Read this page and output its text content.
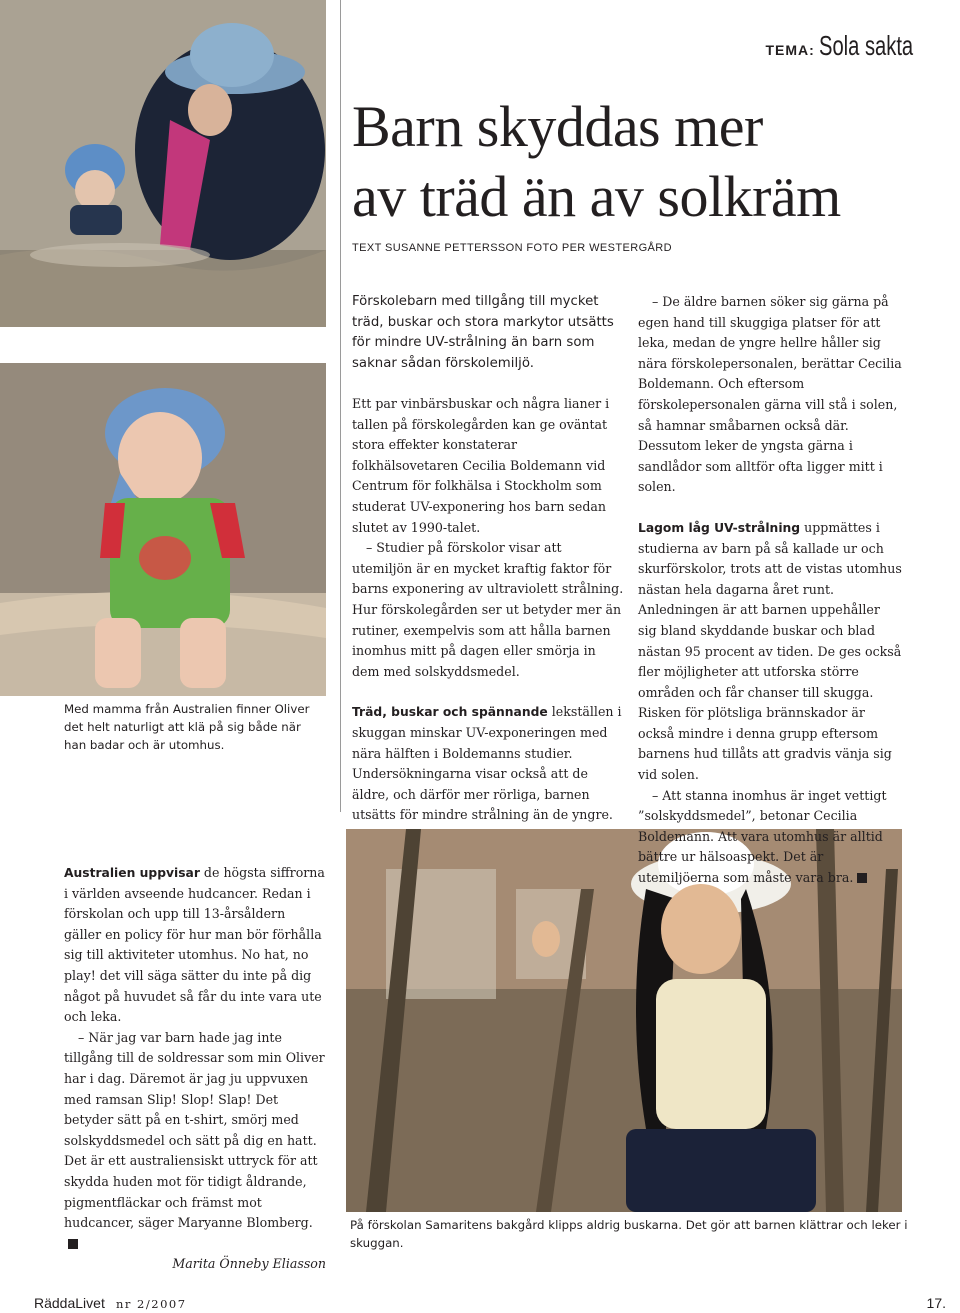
TEMA: Sola sakta
Barn skyddas mer
av träd än av solkräm
TEXT SUSANNE PETTERSSON FOTO PER WESTERGÅRD
Förskolebarn med tillgång till mycket träd, buskar och stora markytor utsätts för mindre UV-strålning än barn som saknar sådan förskolemiljö.

Ett par vinbärsbuskar och några lianer i tallen på förskolegården kan ge oväntat stora effekter konstaterar folkhälsovetaren Cecilia Boldemann vid Centrum för folkhälsa i Stockholm som studerat UV-exponering hos barn sedan slutet av 1990-talet.

– Studier på förskolor visar att utemiljön är en mycket kraftig faktor för barns exponering av ultraviolett strålning. Hur förskolegården ser ut betyder mer än rutiner, exempelvis som att hålla barnen inomhus mitt på dagen eller smörja in dem med solskyddsmedel.

Träd, buskar och spännande lekställen i skuggan minskar UV-exponeringen med nära hälften i Boldemanns studier. Undersökningarna visar också att de äldre, och därför mer rörliga, barnen utsätts för mindre strålning än de yngre.

– De äldre barnen söker sig gärna på egen hand till skuggiga platser för att leka, medan de yngre hellre håller sig nära förskolepersonalen, berättar Cecilia Boldemann. Och eftersom förskolepersonalen gärna vill stå i solen, så hamnar småbarnen också där. Dessutom leker de yngsta gärna i sandlådor som alltför ofta ligger mitt i solen.

Lagom låg UV-strålning uppmättes i studierna av barn på så kallade ur och skurförskolor, trots att de vistas utomhus nästan hela dagarna året runt. Anledningen är att barnen uppehåller sig bland skyddande buskar och blad nästan 95 procent av tiden. De ges också fler möjligheter att utforska större områden och får chanser till skugga. Risken för plötsliga brännskador är också mindre i denna grupp eftersom barnens hud tillåts att gradvis vänja sig vid solen.

– Att stanna inomhus är inget vettigt ”solskyddsmedel”, betonar Cecilia Boldemann. Att vara utomhus är alltid bättre ur hälsoaspekt. Det är utemiljöerna som måste vara bra.

Med mamma från Australien finner Oliver det helt naturligt att klä på sig både när han badar och är utomhus.
På förskolan Samaritens bakgård klipps aldrig buskarna. Det gör att barnen klättrar och leker i skuggan.

Australien uppvisar de högsta siffrorna i världen avseende hudcancer. Redan i förskolan och upp till 13-årsåldern gäller en policy för hur man bör förhålla sig till aktiviteter utomhus. No hat, no play! det vill säga sätter du inte på dig något på huvudet så får du inte vara ute och leka.

– När jag var barn hade jag inte tillgång till de soldressar som min Oliver har i dag. Däremot är jag ju uppvuxen med ramsan Slip! Slop! Slap! Det betyder sätt på en t-shirt, smörj med solskyddsmedel och sätt på dig en hatt. Det är ett australiensiskt uttryck för att skydda huden mot för tidigt åldrande, pigmentfläckar och främst mot hudcancer, säger Maryanne Blomberg.

Marita Önneby Eliasson

RäddaLivet nr 2/2007	17.
